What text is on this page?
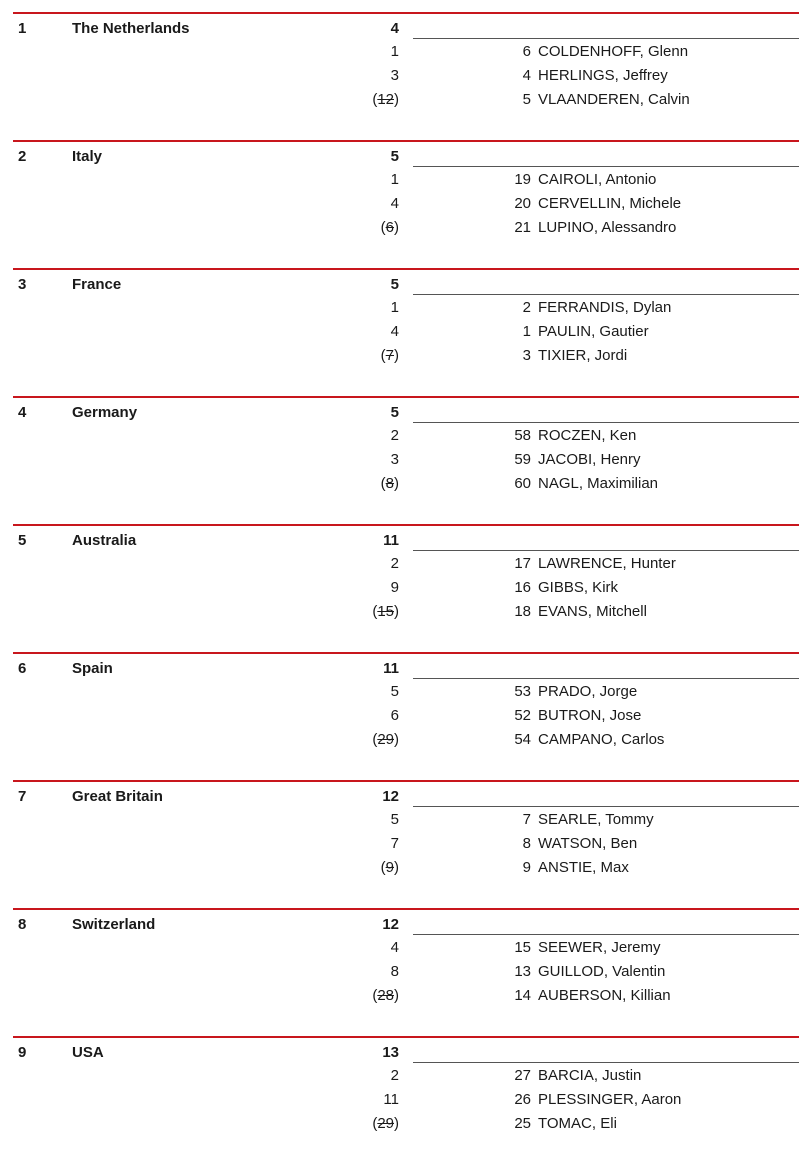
1	The Netherlands	4
1	6 COLDENHOFF, Glenn
3	4 HERLINGS, Jeffrey
(12)	5 VLAANDEREN, Calvin
2	Italy	5
1	19 CAIROLI, Antonio
4	20 CERVELLIN, Michele
(6)	21 LUPINO, Alessandro
3	France	5
1	2 FERRANDIS, Dylan
4	1 PAULIN, Gautier
(7)	3 TIXIER, Jordi
4	Germany	5
2	58 ROCZEN, Ken
3	59 JACOBI, Henry
(8)	60 NAGL, Maximilian
5	Australia	11
2	17 LAWRENCE, Hunter
9	16 GIBBS, Kirk
(15)	18 EVANS, Mitchell
6	Spain	11
5	53 PRADO, Jorge
6	52 BUTRON, Jose
(29)	54 CAMPANO, Carlos
7	Great Britain	12
5	7 SEARLE, Tommy
7	8 WATSON, Ben
(9)	9 ANSTIE, Max
8	Switzerland	12
4	15 SEEWER, Jeremy
8	13 GUILLOD, Valentin
(28)	14 AUBERSON, Killian
9	USA	13
2	27 BARCIA, Justin
11	26 PLESSINGER, Aaron
(29)	25 TOMAC, Eli
